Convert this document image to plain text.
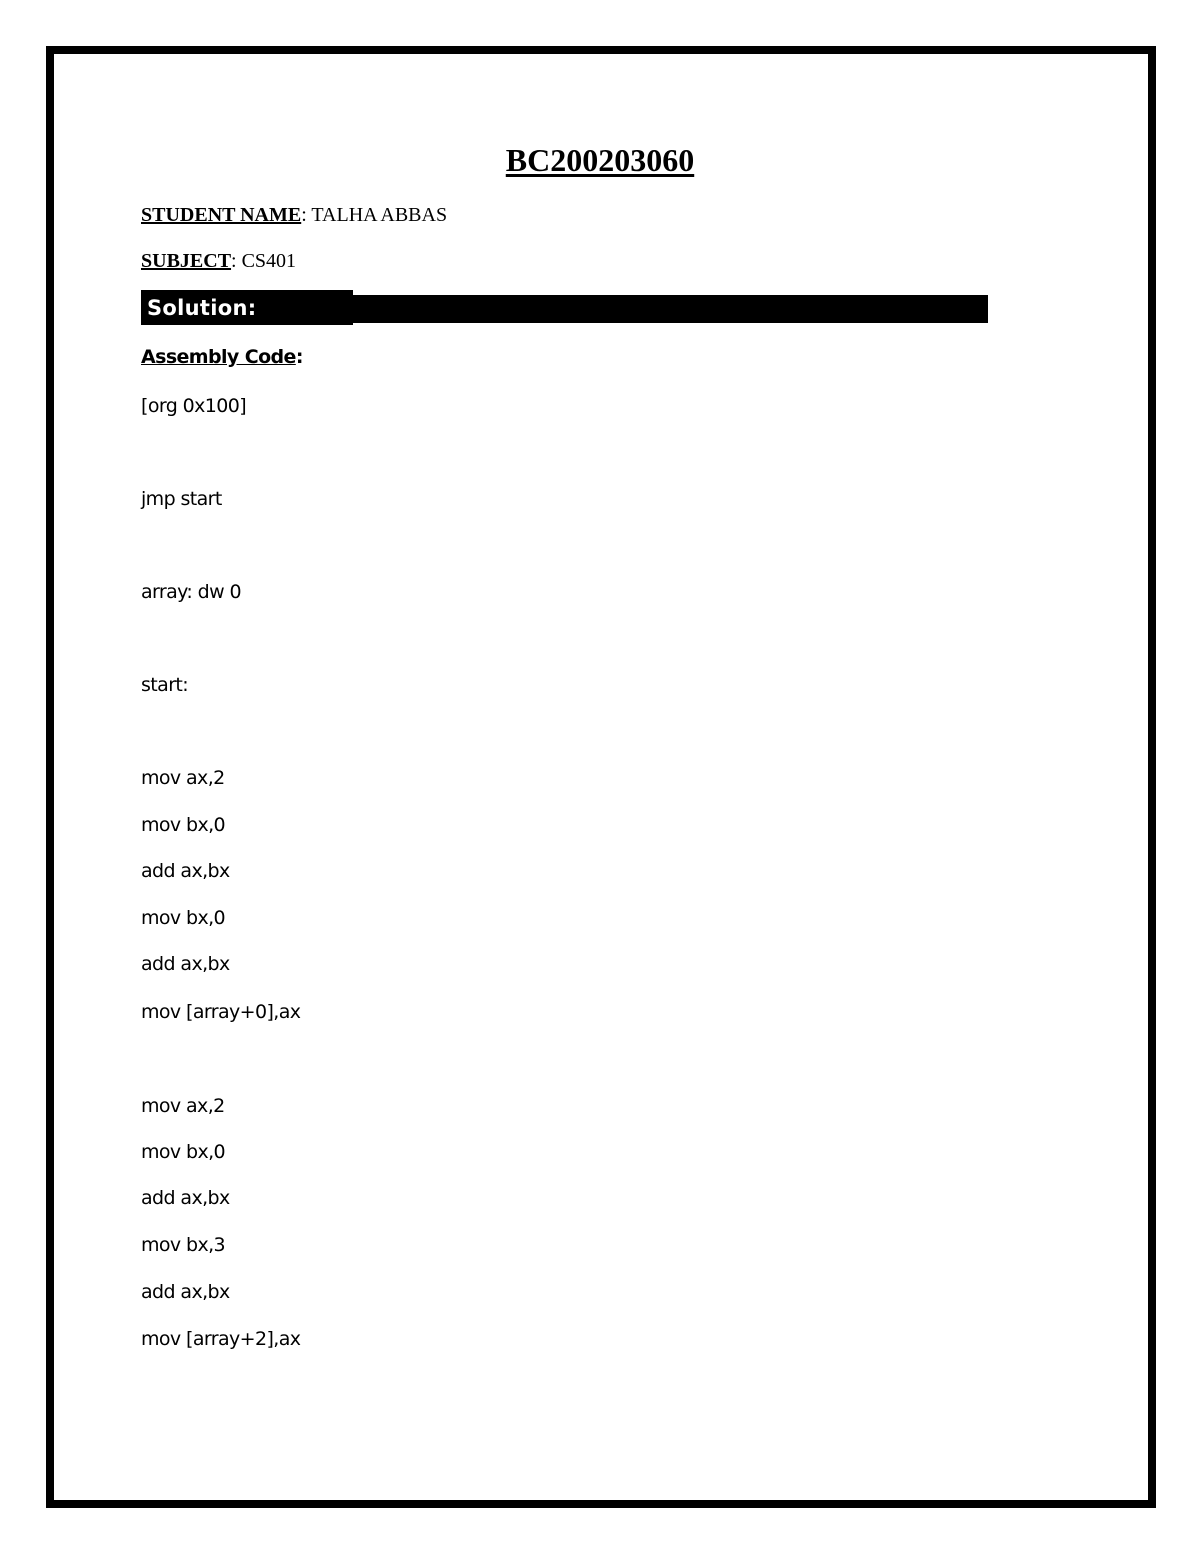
BC200203060
STUDENT NAME: TALHA ABBAS
SUBJECT: CS401
Solution:
Assembly Code:
[org 0x100]
jmp start
array: dw 0
start:
mov ax,2
mov bx,0
add ax,bx
mov bx,0
add ax,bx
mov [array+0],ax
mov ax,2
mov bx,0
add ax,bx
mov bx,3
add ax,bx
mov [array+2],ax
